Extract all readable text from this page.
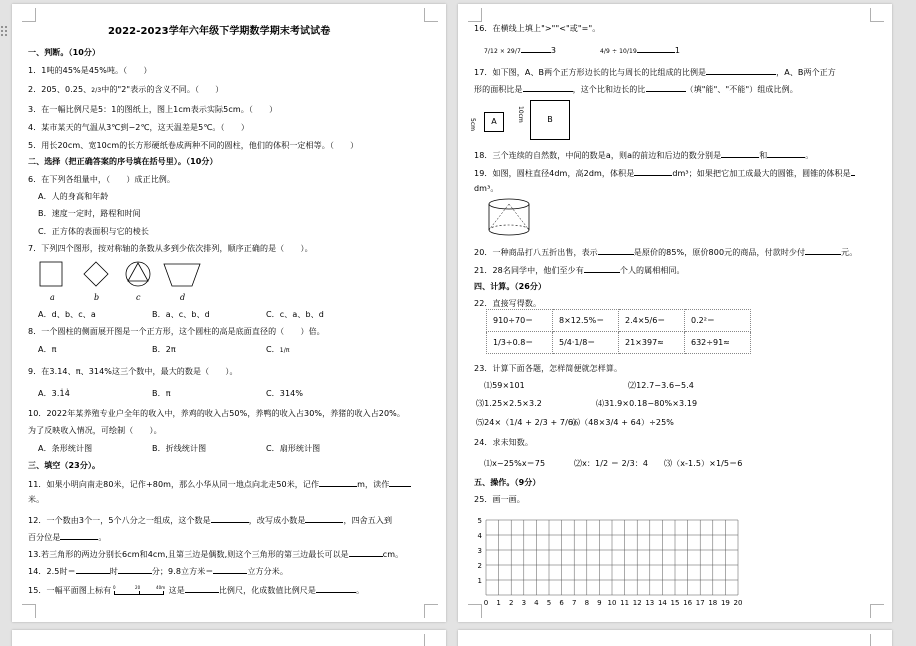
2022-2023学年六年级下学期数学期末考试试卷
一、判断。（10分）
1．1吨的45%是45%吨。（　　）
2．205、0.25、2/3中的"2"表示的含义不同。（　　）
3．在一幅比例尺是5：1的图纸上，图上1cm表示实际5cm。（　　）
4．某市某天的气温从3℃到−2℃，这天温差是5℃。（　　）
5．用长20cm、宽10cm的长方形硬纸卷成两种不同的圆柱，他们的体积一定相等。（　　）
二、选择（把正确答案的序号填在括号里）。（10分）
6．在下列各组量中，（　　）成正比例。
A．人的身高和年龄
B．速度一定时，路程和时间
C．正方体的表面积与它的棱长
7．下列四个图形，按对称轴的条数从多到少依次排列，顺序正确的是（　　）。
a	b	c	d
A．d、b、c、a	B．a、c、b、d	C．c、a、b、d
8．一个圆柱的侧面展开图是一个正方形，这个圆柱的高是底面直径的（　　）倍。
A．π	B．2π	C．1/π
9．在3.14̇、π、314%这三个数中，最大的数是（　　）。
A．3.1̇4̇	B．π	C．314%
10．2022年某养殖专业户全年的收入中，养鸡的收入占50%，养鸭的收入占30%，养猪的收入占20%。
为了反映收入情况，可绘制（　　）。
A．条形统计图	B．折线统计图	C．扇形统计图
三、填空（23分）。
11．如果小明向南走80米，记作+80m，那么小华从同一地点向北走50米，记作	m，读作
米。
12．一个数由3个一，5个八分之一组成，这个数是	，改写成小数是	，四舍五入到
百分位是	。
13.若三角形的两边分别长6cm和4cm,且第三边是偶数,则这个三角形的第三边最长可以是	cm。
14．2.5时＝	时	分；9.8立方米＝	立方分米。
15．一幅平面图上标有 0	20	40m 这是	比例尺，化成数值比例尺是	。
16．在横线上填上">""<"或"="。
7/12 × 29/7	3	4/9 ÷ 10/19	1
17．如下图，A、B两个正方形边长的比与周长的比组成的比例是	，A、B两个正方
形的面积比是	，这个比和边长的比	（填"能"、"不能"）组成比例。
5cm	A	10cm	B
18．三个连续的自然数，中间的数是a，则a的前边和后边的数分别是	和	。
19．如图，圆柱直径4dm，高2dm，体积是	dm³；如果把它加工成最大的圆锥，圆锥的体积是
dm³。
20．一种商品打八五折出售，表示	是原价的85%，原价800元的商品，付款时少付	元。
21．28名同学中，他们至少有	个人的属相相同。
四、计算。（26分）
22．直接写得数。
910÷70＝	8×12.5%＝	2.4×5/6＝	0.2²＝
1/3÷0.8＝	5/4·1/8＝	21×397≈	632÷91≈
23．计算下面各题，怎样简便就怎样算。
⑴59×101	⑵12.7−3.6−5.4
⑶1.25×2.5×3.2	⑷31.9×0.18−80%×3.19
⑸24×（1/4 + 2/3 + 7/6）
⑹（48×3/4 + 64）÷25%
24．求未知数。
⑴x−25%x＝75	⑵x：1/2 ＝ 2/3：4 ⑶（x-1.5）×1/5＝6
五、操作。（9分）
25．画一画。
0 1 2 3 4 5 6 7 8 9 10 11 12 13 14 15 16 17 18 19 20
1
2
3
4
5
